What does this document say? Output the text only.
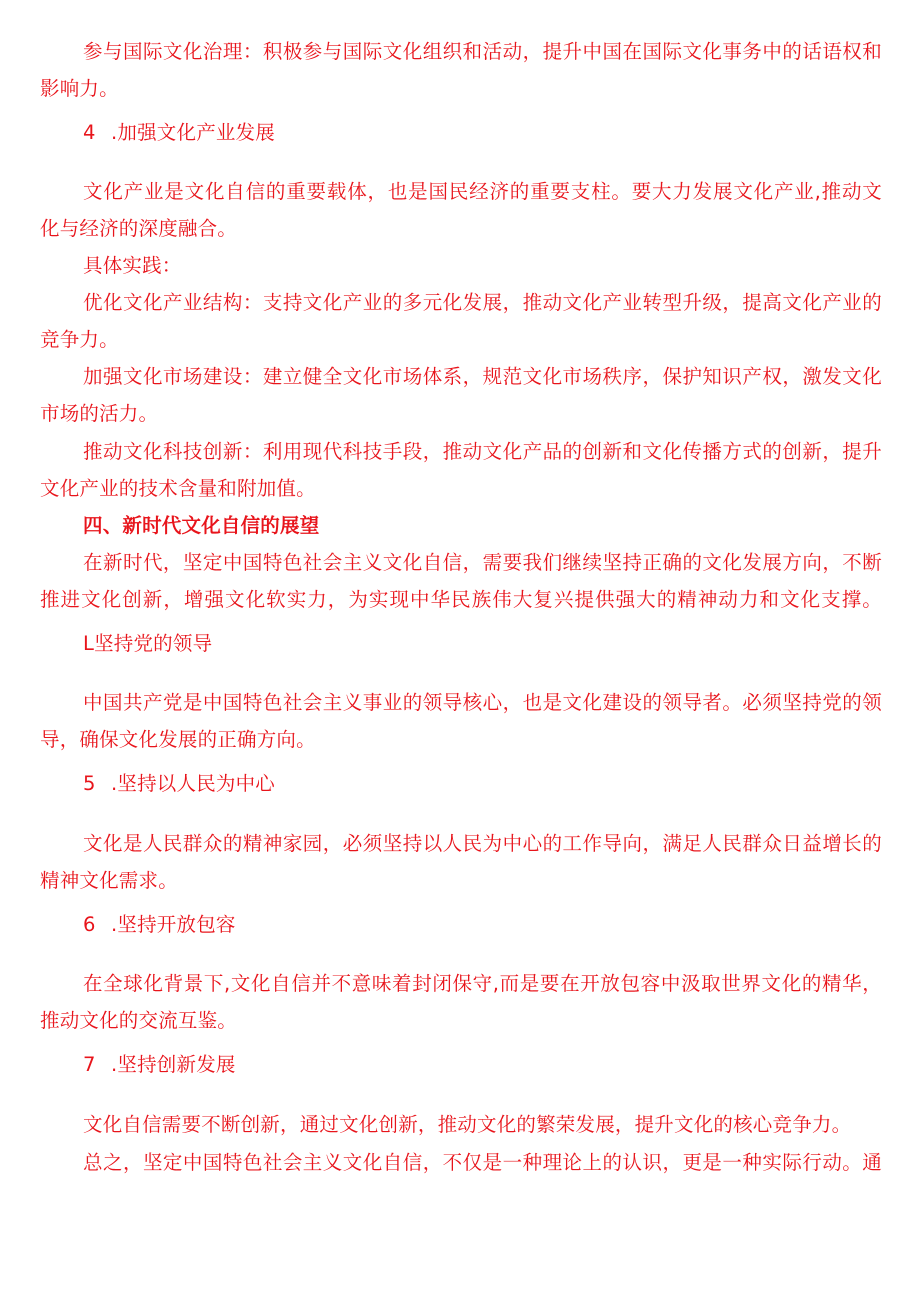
参与国际文化治理：积极参与国际文化组织和活动，提升中国在国际文化事务中的话语权和
影响力。
4 .加强文化产业发展
文化产业是文化自信的重要载体，也是国民经济的重要支柱。要大力发展文化产业,推动文
化与经济的深度融合。
具体实践：
优化文化产业结构：支持文化产业的多元化发展，推动文化产业转型升级，提高文化产业的
竞争力。
加强文化市场建设：建立健全文化市场体系，规范文化市场秩序，保护知识产权，激发文化
市场的活力。
推动文化科技创新：利用现代科技手段，推动文化产品的创新和文化传播方式的创新，提升
文化产业的技术含量和附加值。
四、新时代文化自信的展望
在新时代，坚定中国特色社会主义文化自信，需要我们继续坚持正确的文化发展方向，不断
推进文化创新，增强文化软实力，为实现中华民族伟大复兴提供强大的精神动力和文化支撑。
L坚持党的领导
中国共产党是中国特色社会主义事业的领导核心，也是文化建设的领导者。必须坚持党的领
导，确保文化发展的正确方向。
5 .坚持以人民为中心
文化是人民群众的精神家园，必须坚持以人民为中心的工作导向，满足人民群众日益增长的
精神文化需求。
6 .坚持开放包容
在全球化背景下,文化自信并不意味着封闭保守,而是要在开放包容中汲取世界文化的精华，
推动文化的交流互鉴。
7 .坚持创新发展
文化自信需要不断创新，通过文化创新，推动文化的繁荣发展，提升文化的核心竞争力。
总之，坚定中国特色社会主义文化自信，不仅是一种理论上的认识，更是一种实际行动。通
